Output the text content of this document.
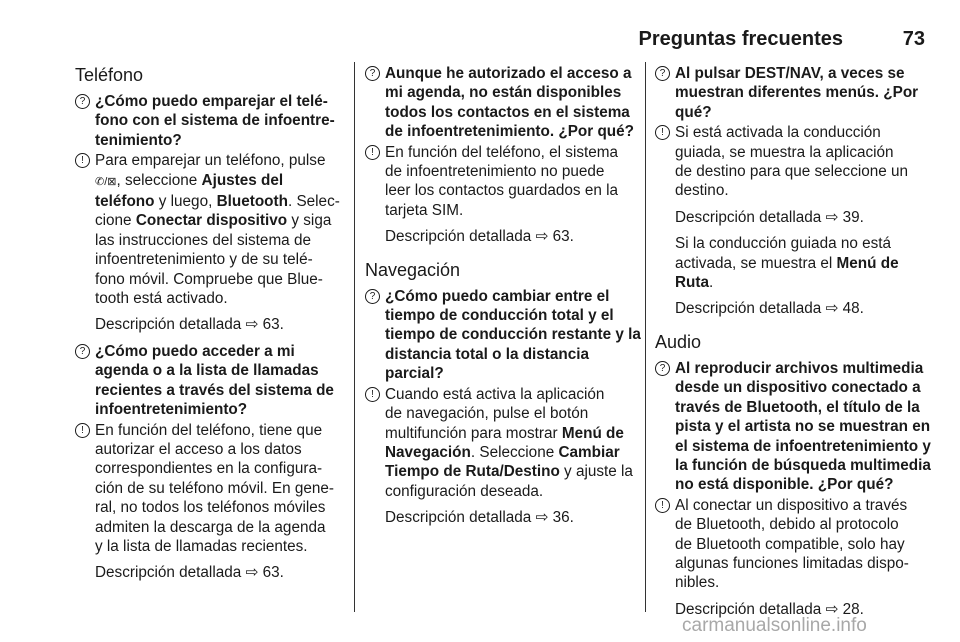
Preguntas frecuentes	73
Teléfono
? ¿Cómo puedo emparejar el telé-
fono con el sistema de infoentre-
tenimiento?
! Para emparejar un teléfono, pulse
✆/⊠, seleccione Ajustes del
teléfono y luego, Bluetooth. Selec-
cione Conectar dispositivo y siga
las instrucciones del sistema de
infoentretenimiento y de su telé-
fono móvil. Compruebe que Blue-
tooth está activado.
Descripción detallada ⇨ 63.
? ¿Cómo puedo acceder a mi
agenda o a la lista de llamadas
recientes a través del sistema de
infoentretenimiento?
! En función del teléfono, tiene que
autorizar el acceso a los datos
correspondientes en la configura-
ción de su teléfono móvil. En gene-
ral, no todos los teléfonos móviles
admiten la descarga de la agenda
y la lista de llamadas recientes.
Descripción detallada ⇨ 63.
? Aunque he autorizado el acceso a
mi agenda, no están disponibles
todos los contactos en el sistema
de infoentretenimiento. ¿Por qué?
! En función del teléfono, el sistema
de infoentretenimiento no puede
leer los contactos guardados en la
tarjeta SIM.
Descripción detallada ⇨ 63.
Navegación
? ¿Cómo puedo cambiar entre el
tiempo de conducción total y el
tiempo de conducción restante y la
distancia total o la distancia
parcial?
! Cuando está activa la aplicación
de navegación, pulse el botón
multifunción para mostrar Menú de
Navegación. Seleccione Cambiar
Tiempo de Ruta/Destino y ajuste la
configuración deseada.
Descripción detallada ⇨ 36.
? Al pulsar DEST/NAV, a veces se
muestran diferentes menús. ¿Por
qué?
! Si está activada la conducción
guiada, se muestra la aplicación
de destino para que seleccione un
destino.
Descripción detallada ⇨ 39.
Si la conducción guiada no está
activada, se muestra el Menú de
Ruta.
Descripción detallada ⇨ 48.
Audio
? Al reproducir archivos multimedia
desde un dispositivo conectado a
través de Bluetooth, el título de la
pista y el artista no se muestran en
el sistema de infoentretenimiento y
la función de búsqueda multimedia
no está disponible. ¿Por qué?
! Al conectar un dispositivo a través
de Bluetooth, debido al protocolo
de Bluetooth compatible, solo hay
algunas funciones limitadas dispo-
nibles.
Descripción detallada ⇨ 28.
carmanualsonline.info
